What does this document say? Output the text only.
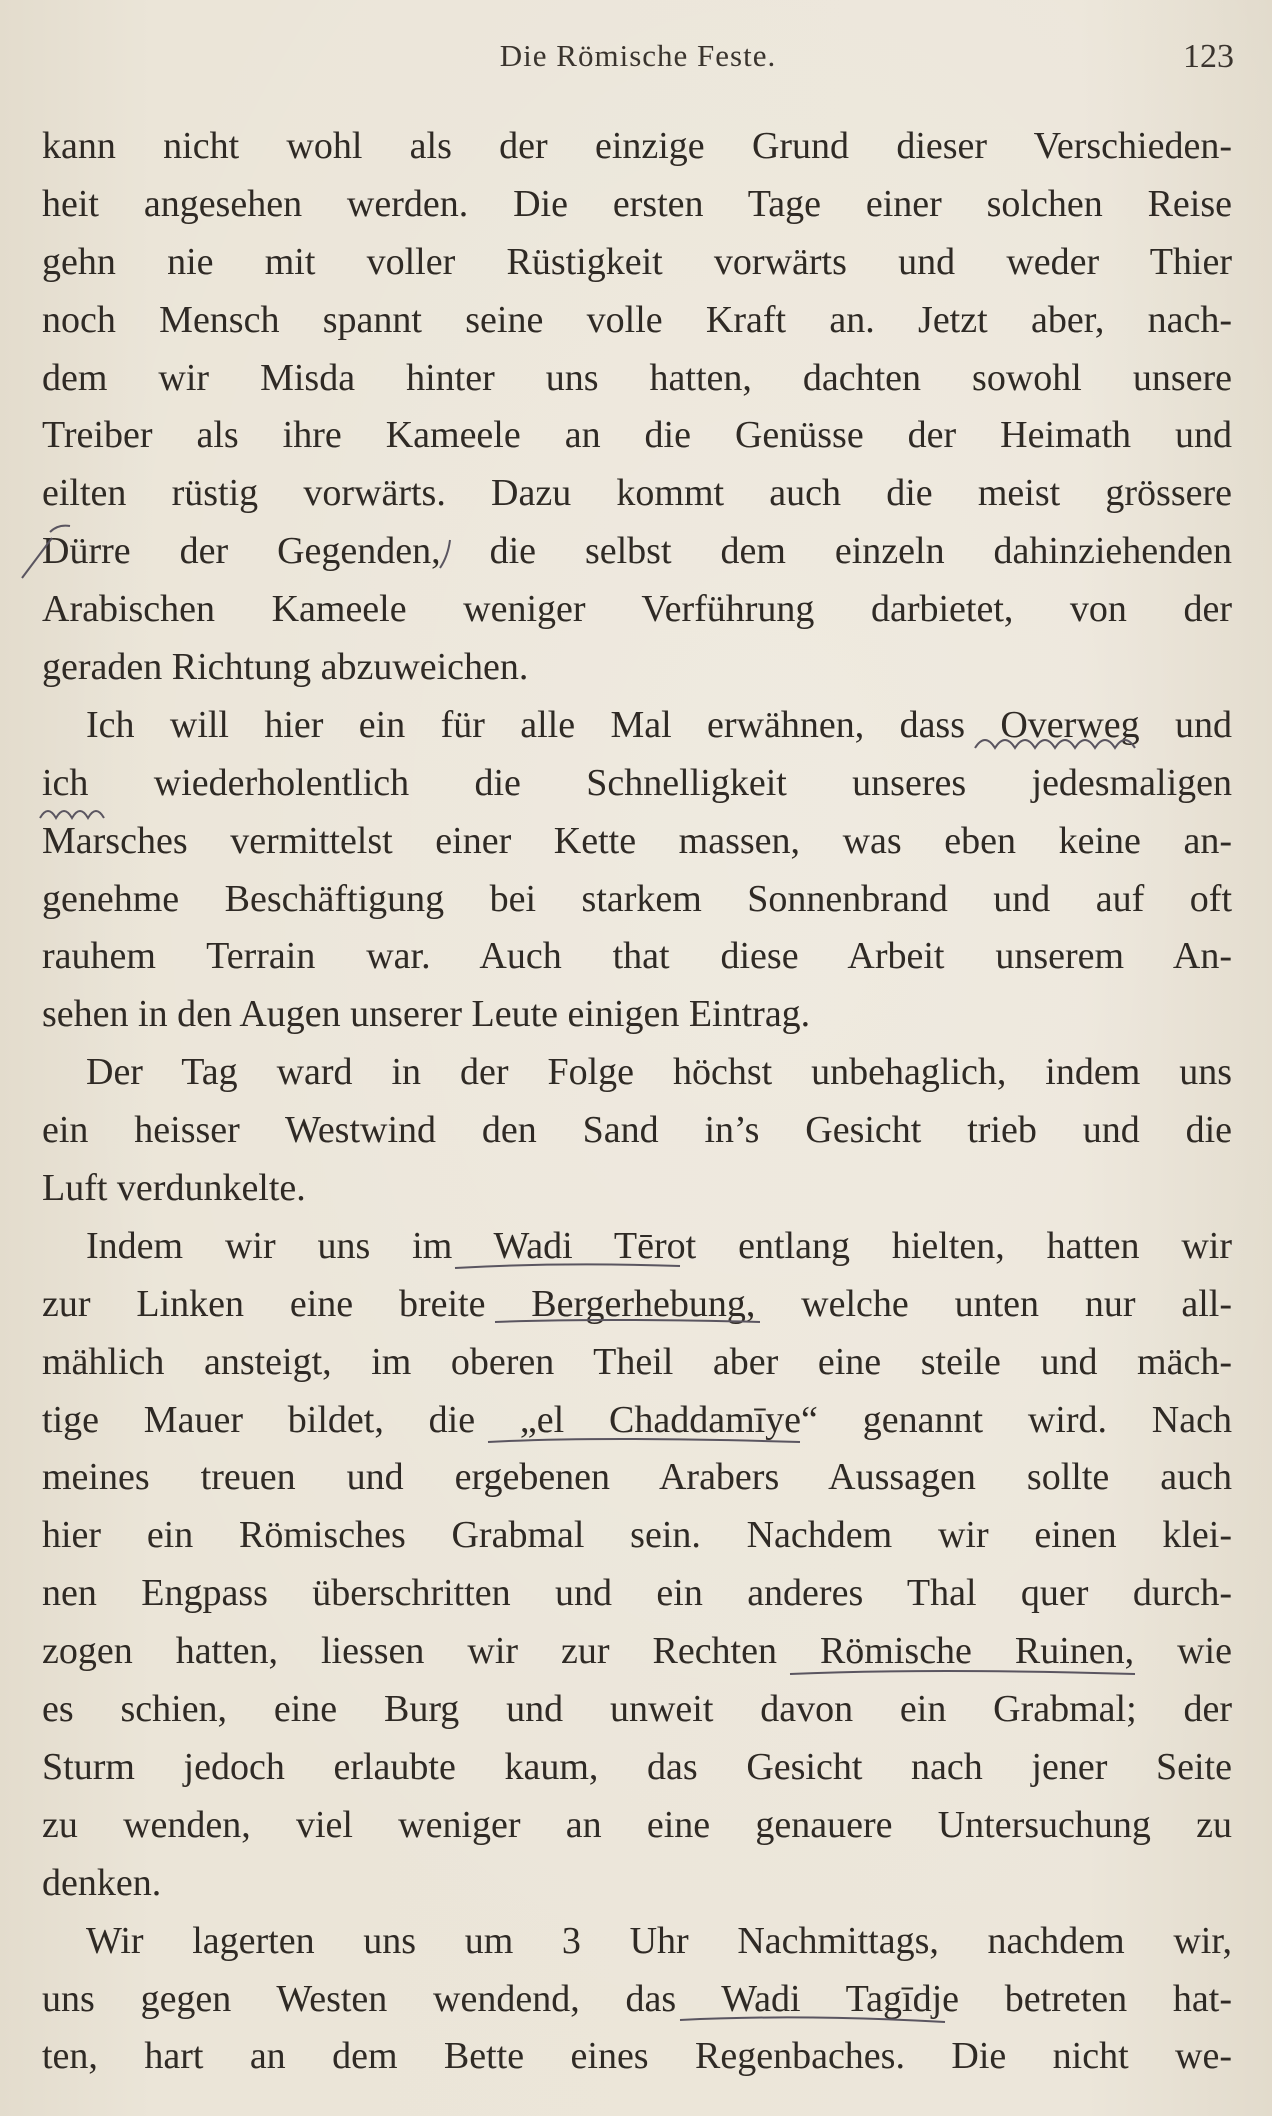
Die Römische Feste.	123
kann nicht wohl als der einzige Grund dieser Verschieden-
heit angesehen werden. Die ersten Tage einer solchen Reise
gehn nie mit voller Rüstigkeit vorwärts und weder Thier
noch Mensch spannt seine volle Kraft an. Jetzt aber, nach-
dem wir Misda hinter uns hatten, dachten sowohl unsere
Treiber als ihre Kameele an die Genüsse der Heimath und
eilten rüstig vorwärts. Dazu kommt auch die meist grössere
Dürre der Gegenden, die selbst dem einzeln dahinziehenden
Arabischen Kameele weniger Verführung darbietet, von der
geraden Richtung abzuweichen.
Ich will hier ein für alle Mal erwähnen, dass Overweg und
ich wiederholentlich die Schnelligkeit unseres jedesmaligen
Marsches vermittelst einer Kette massen, was eben keine an-
genehme Beschäftigung bei starkem Sonnenbrand und auf oft
rauhem Terrain war. Auch that diese Arbeit unserem An-
sehen in den Augen unserer Leute einigen Eintrag.
Der Tag ward in der Folge höchst unbehaglich, indem uns
ein heisser Westwind den Sand in’s Gesicht trieb und die
Luft verdunkelte.
Indem wir uns im Wadi Tērot entlang hielten, hatten wir
zur Linken eine breite Bergerhebung, welche unten nur all-
mählich ansteigt, im oberen Theil aber eine steile und mäch-
tige Mauer bildet, die „el Chaddamīye“ genannt wird. Nach
meines treuen und ergebenen Arabers Aussagen sollte auch
hier ein Römisches Grabmal sein. Nachdem wir einen klei-
nen Engpass überschritten und ein anderes Thal quer durch-
zogen hatten, liessen wir zur Rechten Römische Ruinen, wie
es schien, eine Burg und unweit davon ein Grabmal; der
Sturm jedoch erlaubte kaum, das Gesicht nach jener Seite
zu wenden, viel weniger an eine genauere Untersuchung zu
denken.
Wir lagerten uns um 3 Uhr Nachmittags, nachdem wir,
uns gegen Westen wendend, das Wadi Tagīdje betreten hat-
ten, hart an dem Bette eines Regenbaches. Die nicht we-
